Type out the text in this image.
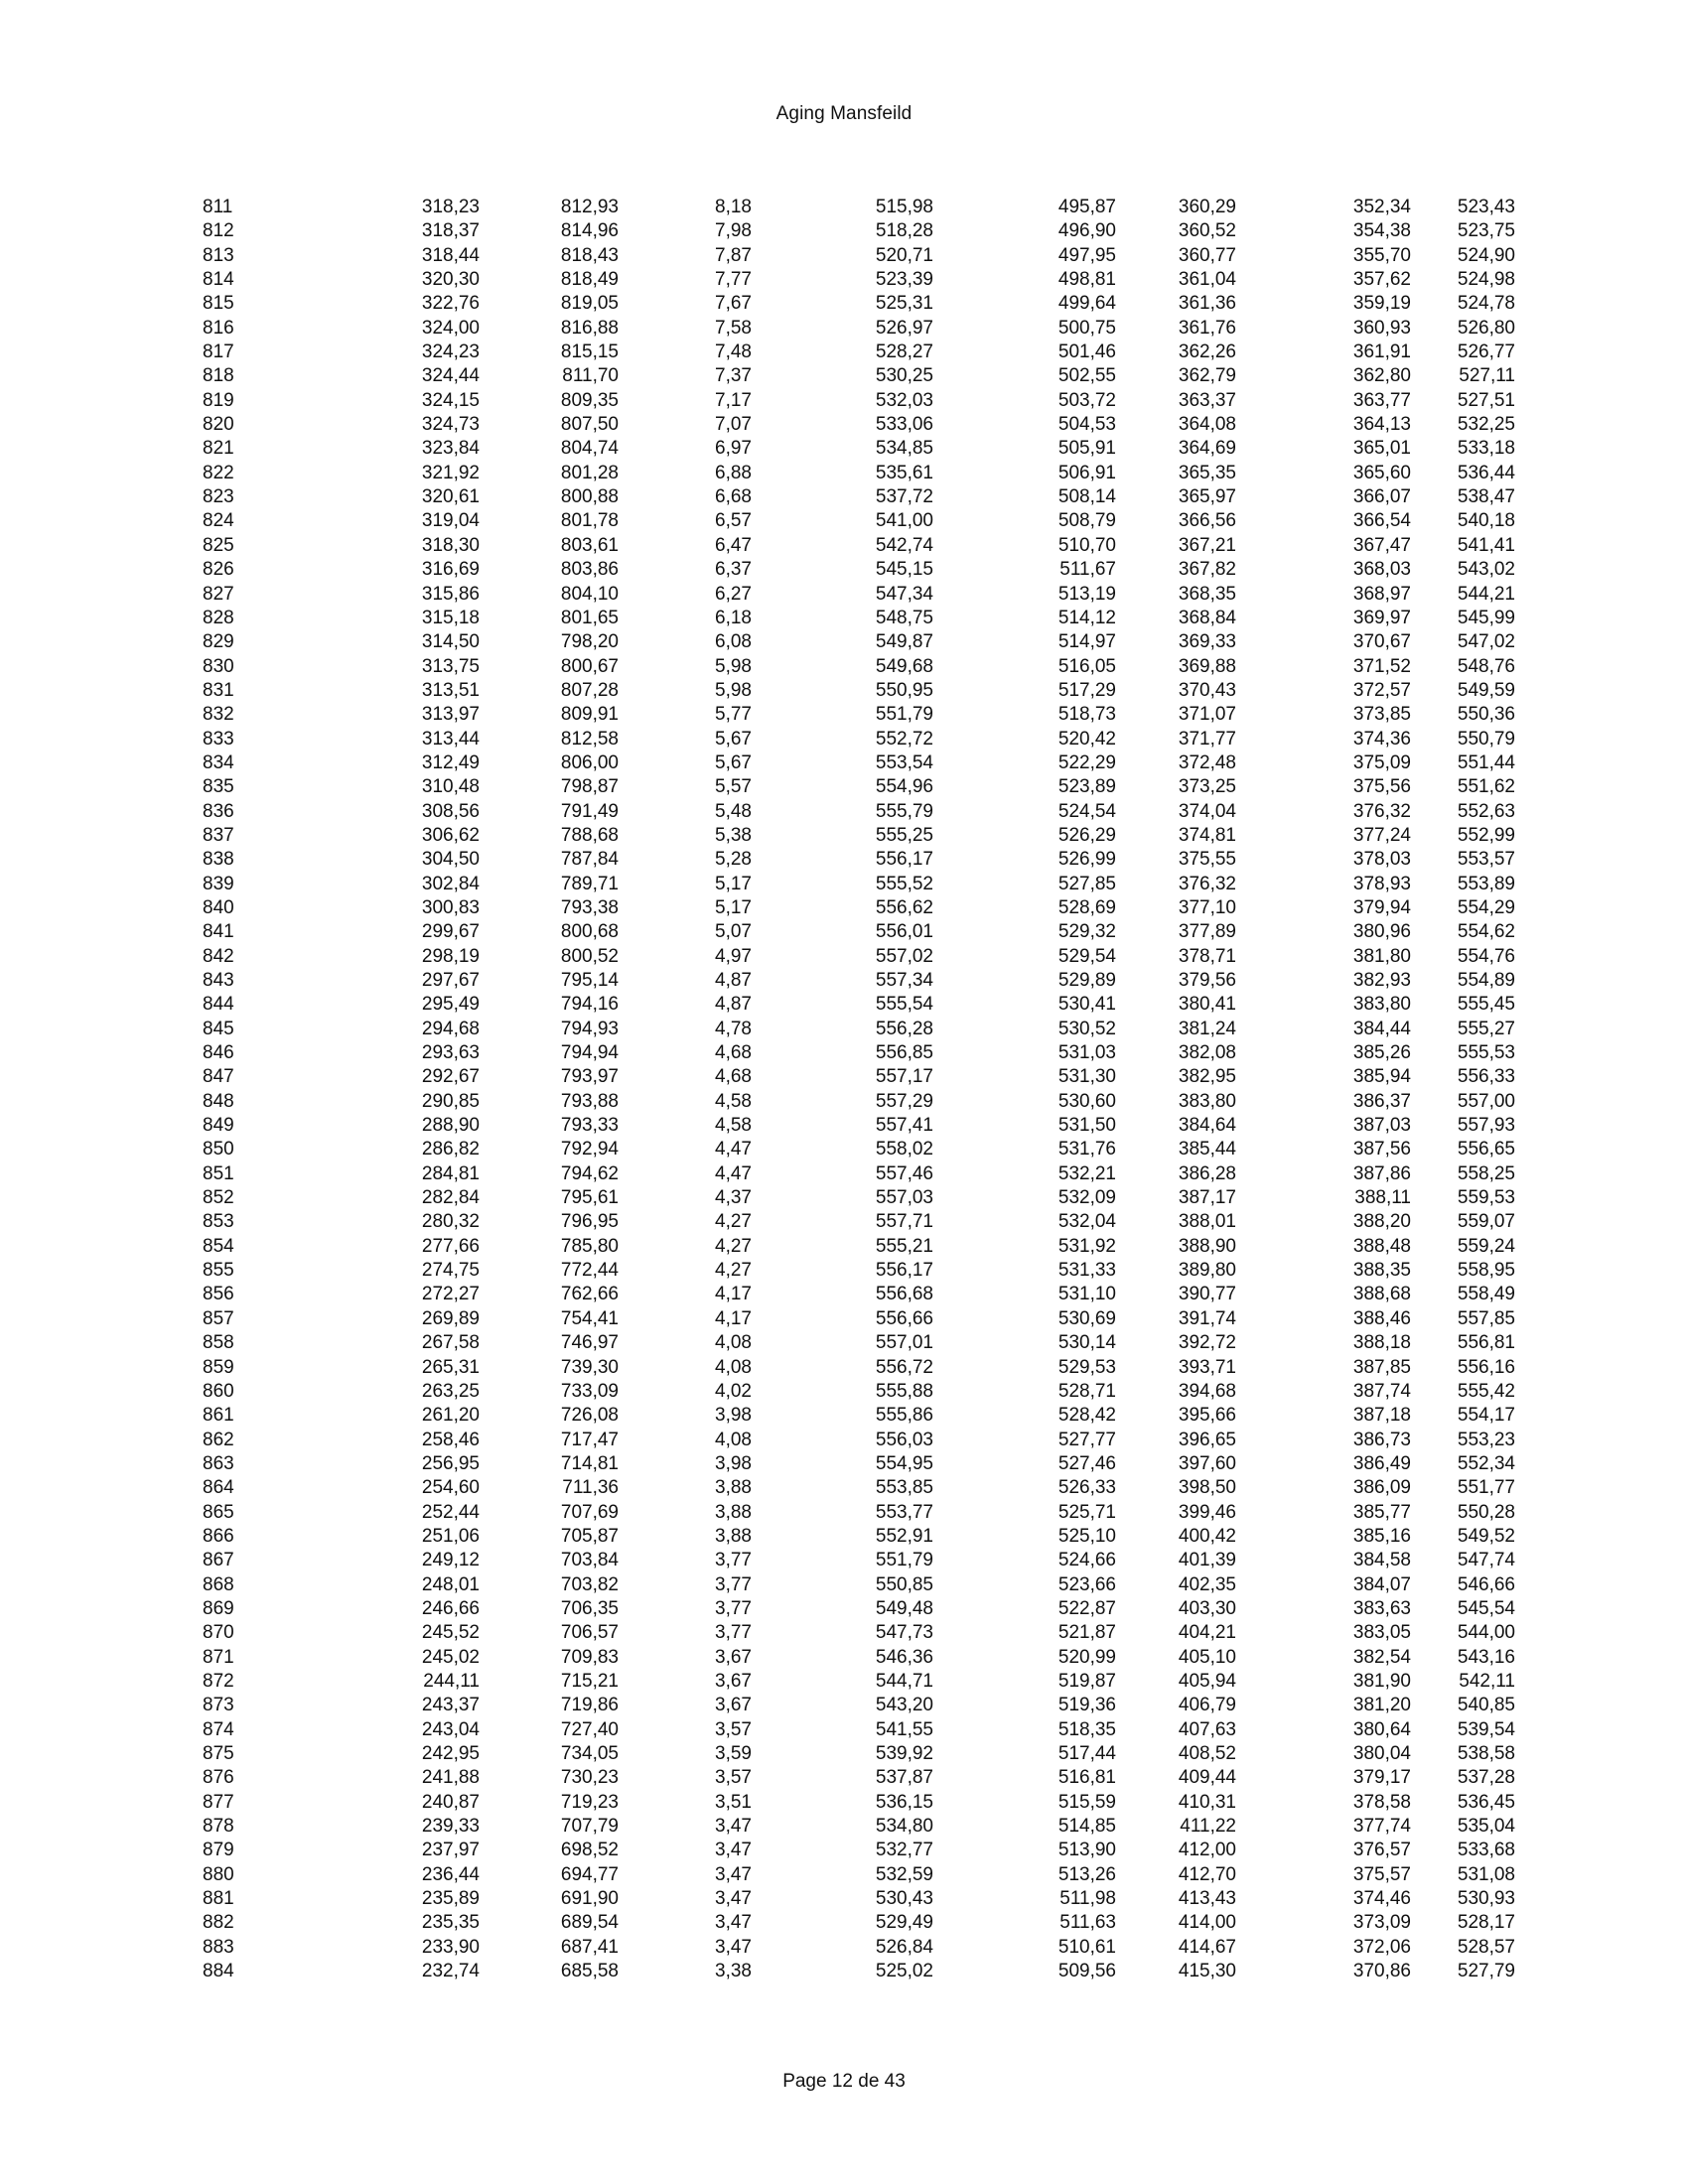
Aging Mansfeild
811	318,23	812,93	8,18	515,98	495,87	360,29	352,34	523,43
812	318,37	814,96	7,98	518,28	496,90	360,52	354,38	523,75
813	318,44	818,43	7,87	520,71	497,95	360,77	355,70	524,90
814	320,30	818,49	7,77	523,39	498,81	361,04	357,62	524,98
815	322,76	819,05	7,67	525,31	499,64	361,36	359,19	524,78
816	324,00	816,88	7,58	526,97	500,75	361,76	360,93	526,80
817	324,23	815,15	7,48	528,27	501,46	362,26	361,91	526,77
818	324,44	811,70	7,37	530,25	502,55	362,79	362,80	527,11
819	324,15	809,35	7,17	532,03	503,72	363,37	363,77	527,51
820	324,73	807,50	7,07	533,06	504,53	364,08	364,13	532,25
821	323,84	804,74	6,97	534,85	505,91	364,69	365,01	533,18
822	321,92	801,28	6,88	535,61	506,91	365,35	365,60	536,44
823	320,61	800,88	6,68	537,72	508,14	365,97	366,07	538,47
824	319,04	801,78	6,57	541,00	508,79	366,56	366,54	540,18
825	318,30	803,61	6,47	542,74	510,70	367,21	367,47	541,41
826	316,69	803,86	6,37	545,15	511,67	367,82	368,03	543,02
827	315,86	804,10	6,27	547,34	513,19	368,35	368,97	544,21
828	315,18	801,65	6,18	548,75	514,12	368,84	369,97	545,99
829	314,50	798,20	6,08	549,87	514,97	369,33	370,67	547,02
830	313,75	800,67	5,98	549,68	516,05	369,88	371,52	548,76
831	313,51	807,28	5,98	550,95	517,29	370,43	372,57	549,59
832	313,97	809,91	5,77	551,79	518,73	371,07	373,85	550,36
833	313,44	812,58	5,67	552,72	520,42	371,77	374,36	550,79
834	312,49	806,00	5,67	553,54	522,29	372,48	375,09	551,44
835	310,48	798,87	5,57	554,96	523,89	373,25	375,56	551,62
836	308,56	791,49	5,48	555,79	524,54	374,04	376,32	552,63
837	306,62	788,68	5,38	555,25	526,29	374,81	377,24	552,99
838	304,50	787,84	5,28	556,17	526,99	375,55	378,03	553,57
839	302,84	789,71	5,17	555,52	527,85	376,32	378,93	553,89
840	300,83	793,38	5,17	556,62	528,69	377,10	379,94	554,29
841	299,67	800,68	5,07	556,01	529,32	377,89	380,96	554,62
842	298,19	800,52	4,97	557,02	529,54	378,71	381,80	554,76
843	297,67	795,14	4,87	557,34	529,89	379,56	382,93	554,89
844	295,49	794,16	4,87	555,54	530,41	380,41	383,80	555,45
845	294,68	794,93	4,78	556,28	530,52	381,24	384,44	555,27
846	293,63	794,94	4,68	556,85	531,03	382,08	385,26	555,53
847	292,67	793,97	4,68	557,17	531,30	382,95	385,94	556,33
848	290,85	793,88	4,58	557,29	530,60	383,80	386,37	557,00
849	288,90	793,33	4,58	557,41	531,50	384,64	387,03	557,93
850	286,82	792,94	4,47	558,02	531,76	385,44	387,56	556,65
851	284,81	794,62	4,47	557,46	532,21	386,28	387,86	558,25
852	282,84	795,61	4,37	557,03	532,09	387,17	388,11	559,53
853	280,32	796,95	4,27	557,71	532,04	388,01	388,20	559,07
854	277,66	785,80	4,27	555,21	531,92	388,90	388,48	559,24
855	274,75	772,44	4,27	556,17	531,33	389,80	388,35	558,95
856	272,27	762,66	4,17	556,68	531,10	390,77	388,68	558,49
857	269,89	754,41	4,17	556,66	530,69	391,74	388,46	557,85
858	267,58	746,97	4,08	557,01	530,14	392,72	388,18	556,81
859	265,31	739,30	4,08	556,72	529,53	393,71	387,85	556,16
860	263,25	733,09	4,02	555,88	528,71	394,68	387,74	555,42
861	261,20	726,08	3,98	555,86	528,42	395,66	387,18	554,17
862	258,46	717,47	4,08	556,03	527,77	396,65	386,73	553,23
863	256,95	714,81	3,98	554,95	527,46	397,60	386,49	552,34
864	254,60	711,36	3,88	553,85	526,33	398,50	386,09	551,77
865	252,44	707,69	3,88	553,77	525,71	399,46	385,77	550,28
866	251,06	705,87	3,88	552,91	525,10	400,42	385,16	549,52
867	249,12	703,84	3,77	551,79	524,66	401,39	384,58	547,74
868	248,01	703,82	3,77	550,85	523,66	402,35	384,07	546,66
869	246,66	706,35	3,77	549,48	522,87	403,30	383,63	545,54
870	245,52	706,57	3,77	547,73	521,87	404,21	383,05	544,00
871	245,02	709,83	3,67	546,36	520,99	405,10	382,54	543,16
872	244,11	715,21	3,67	544,71	519,87	405,94	381,90	542,11
873	243,37	719,86	3,67	543,20	519,36	406,79	381,20	540,85
874	243,04	727,40	3,57	541,55	518,35	407,63	380,64	539,54
875	242,95	734,05	3,59	539,92	517,44	408,52	380,04	538,58
876	241,88	730,23	3,57	537,87	516,81	409,44	379,17	537,28
877	240,87	719,23	3,51	536,15	515,59	410,31	378,58	536,45
878	239,33	707,79	3,47	534,80	514,85	411,22	377,74	535,04
879	237,97	698,52	3,47	532,77	513,90	412,00	376,57	533,68
880	236,44	694,77	3,47	532,59	513,26	412,70	375,57	531,08
881	235,89	691,90	3,47	530,43	511,98	413,43	374,46	530,93
882	235,35	689,54	3,47	529,49	511,63	414,00	373,09	528,17
883	233,90	687,41	3,47	526,84	510,61	414,67	372,06	528,57
884	232,74	685,58	3,38	525,02	509,56	415,30	370,86	527,79
Page 12 de 43
